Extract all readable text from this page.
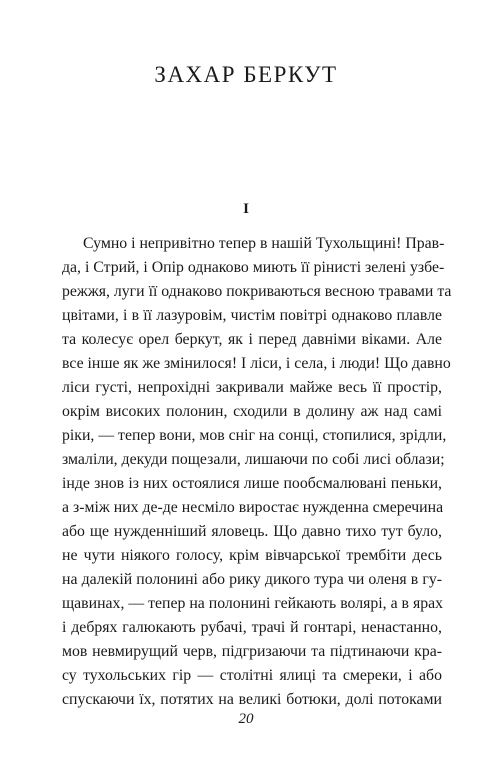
ЗАХАР БЕРКУТ
I
Сумно і непривітно тепер в нашій Тухольщині! Прав-
да, і Стрий, і Опір однаково миють її рінисті зелені узбе-
режжя, луги її однаково покриваються весною травами та
цвітами, і в її лазуровім, чистім повітрі однаково плавле
та колесує орел беркут, як і перед давніми віками. Але
все інше як же змінилося! І ліси, і села, і люди! Що давно
ліси густі, непрохідні закривали майже весь її простір,
окрім високих полонин, сходили в долину аж над самі
ріки, — тепер вони, мов сніг на сонці, стопилися, зрідли,
змаліли, декуди пощезали, лишаючи по собі лисі облази;
інде знов із них остоялися лише пообсмалювані пеньки,
а з-між них де-де несміло виростає нужденна смеречина
або ще нужденніший яловець. Що давно тихо тут було,
не чути ніякого голосу, крім вівчарської трембіти десь
на далекій полонині або рику дикого тура чи оленя в гу-
щавинах, — тепер на полонині гейкають волярі, а в ярах
і дебрях галюкають рубачі, трачі й гонтарі, ненастанно,
мов невмирущий черв, підгризаючи та підтинаючи кра-
су тухольських гір — столітні ялиці та смереки, і або
спускаючи їх, потятих на великі ботюки, долі потоками

20
